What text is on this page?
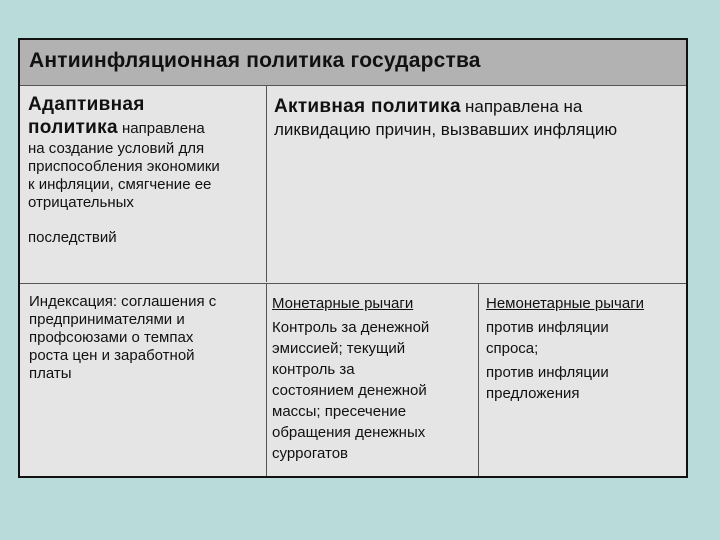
Антиинфляционная политика государства

Адаптивная

политика направлена

на создание условий для

приспособления экономики

к инфляции, смягчение ее

отрицательных

последствий

Активная политика направлена на

ликвидацию причин, вызвавших инфляцию

Индексация: соглашения с

предпринимателями и

профсоюзами о темпах

роста цен и заработной

платы

Монетарные рычаги

Контроль за денежной

эмиссией; текущий

контроль за

состоянием денежной

массы; пресечение

обращения денежных

суррогатов

Немонетарные рычаги

против инфляции

спроса;

против инфляции

предложения
